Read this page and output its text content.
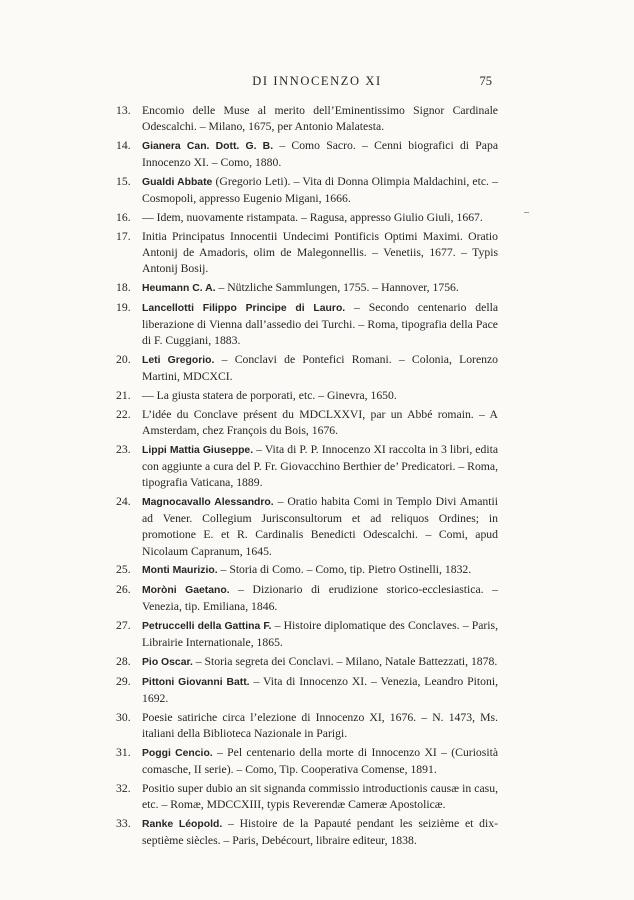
DI INNOCENZO XI	75
13. Encomio delle Muse al merito dell’Eminentissimo Signor Cardinale Odescalchi. – Milano, 1675, per Antonio Malatesta.
14.	Gianera Can. Dott. G. B. – Como Sacro. – Cenni biografici di Papa Innocenzo XI. – Como, 1880.
15.	Gualdi Abbate (Gregorio Leti). – Vita di Donna Olimpia Maldachini, etc. – Cosmopoli, appresso Eugenio Migani, 1666.
16. — Idem, nuovamente ristampata. – Ragusa, appresso Giulio Giuli, 1667.
17. Initia Principatus Innocentii Undecimi Pontificis Optimi Maximi. Oratio Antonij de Amadoris, olim de Malegonnellis. – Venetiis, 1677. – Typis Antonij Bosij.
18.	Heumann C. A. – Nützliche Sammlungen, 1755. – Hannover, 1756.
19.	Lancellotti Filippo Principe di Lauro. – Secondo centenario della liberazione di Vienna dall’assedio dei Turchi. – Roma, tipografia della Pace di F. Cuggiani, 1883.
20.	Leti Gregorio. – Conclavi de Pontefici Romani. – Colonia, Lorenzo Martini, MDCXCI.
21. — La giusta statera de porporati, etc. – Ginevra, 1650.
22. L’idée du Conclave présent du MDCLXXVI, par un Abbé romain. – A Amsterdam, chez François du Bois, 1676.
23.	Lippi Mattia Giuseppe. – Vita di P. P. Innocenzo XI raccolta in 3 libri, edita con aggiunte a cura del P. Fr. Giovacchino Berthier de’ Predicatori. – Roma, tipografia Vaticana, 1889.
24.	Magnocavallo Alessandro. – Oratio habita Comi in Templo Divi Amantii ad Vener. Collegium Jurisconsultorum et ad reliquos Ordines; in promotione E. et R. Cardinalis Benedicti Odescalchi. – Comi, apud Nicolaum Capranum, 1645.
25.	Monti Maurizio. – Storia di Como. – Como, tip. Pietro Ostinelli, 1832.
26.	Moròni Gaetano. – Dizionario di erudizione storico-ecclesiastica. – Venezia, tip. Emiliana, 1846.
27.	Petruccelli della Gattina F. – Histoire diplomatique des Conclaves. – Paris, Librairie Internationale, 1865.
28.	Pio Oscar. – Storia segreta dei Conclavi. – Milano, Natale Battezzati, 1878.
29.	Pittoni Giovanni Batt. – Vita di Innocenzo XI. – Venezia, Leandro Pitoni, 1692.
30. Poesie satiriche circa l’elezione di Innocenzo XI, 1676. – N. 1473, Ms. italiani della Biblioteca Nazionale in Parigi.
31.	Poggi Cencio. – Pel centenario della morte di Innocenzo XI – (Curiosità comasche, II serie). – Como, Tip. Cooperativa Comense, 1891.
32. Positio super dubio an sit signanda commissio introductionis causæ in casu, etc. – Romæ, MDCCXIII, typis Reverendæ Cameræ Apostolicæ.
33.	Ranke Léopold. – Histoire de la Papauté pendant les seizième et dix-septième siècles. – Paris, Debécourt, libraire editeur, 1838.
